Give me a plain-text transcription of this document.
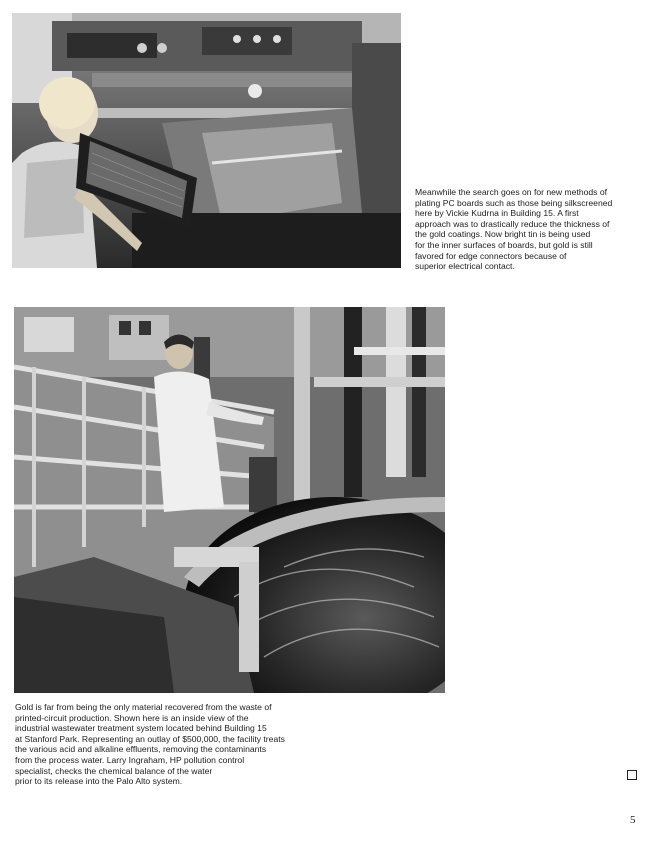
Meanwhile the search goes on for new methods of
plating PC boards such as those being silkscreened
here by Vickie Kudrna in Building 15. A first
approach was to drastically reduce the thickness of
the gold coatings. Now bright tin is being used
for the inner surfaces of boards, but gold is still
favored for edge connectors because of
superior electrical contact.
Gold is far from being the only material recovered from the waste of
printed-circuit production. Shown here is an inside view of the
industrial wastewater treatment system located behind Building 15
at Stanford Park. Representing an outlay of $500,000, the facility treats
the various acid and alkaline effluents, removing the contaminants
from the process water. Larry Ingraham, HP pollution control
specialist, checks the chemical balance of the water
prior to its release into the Palo Alto system.
5
